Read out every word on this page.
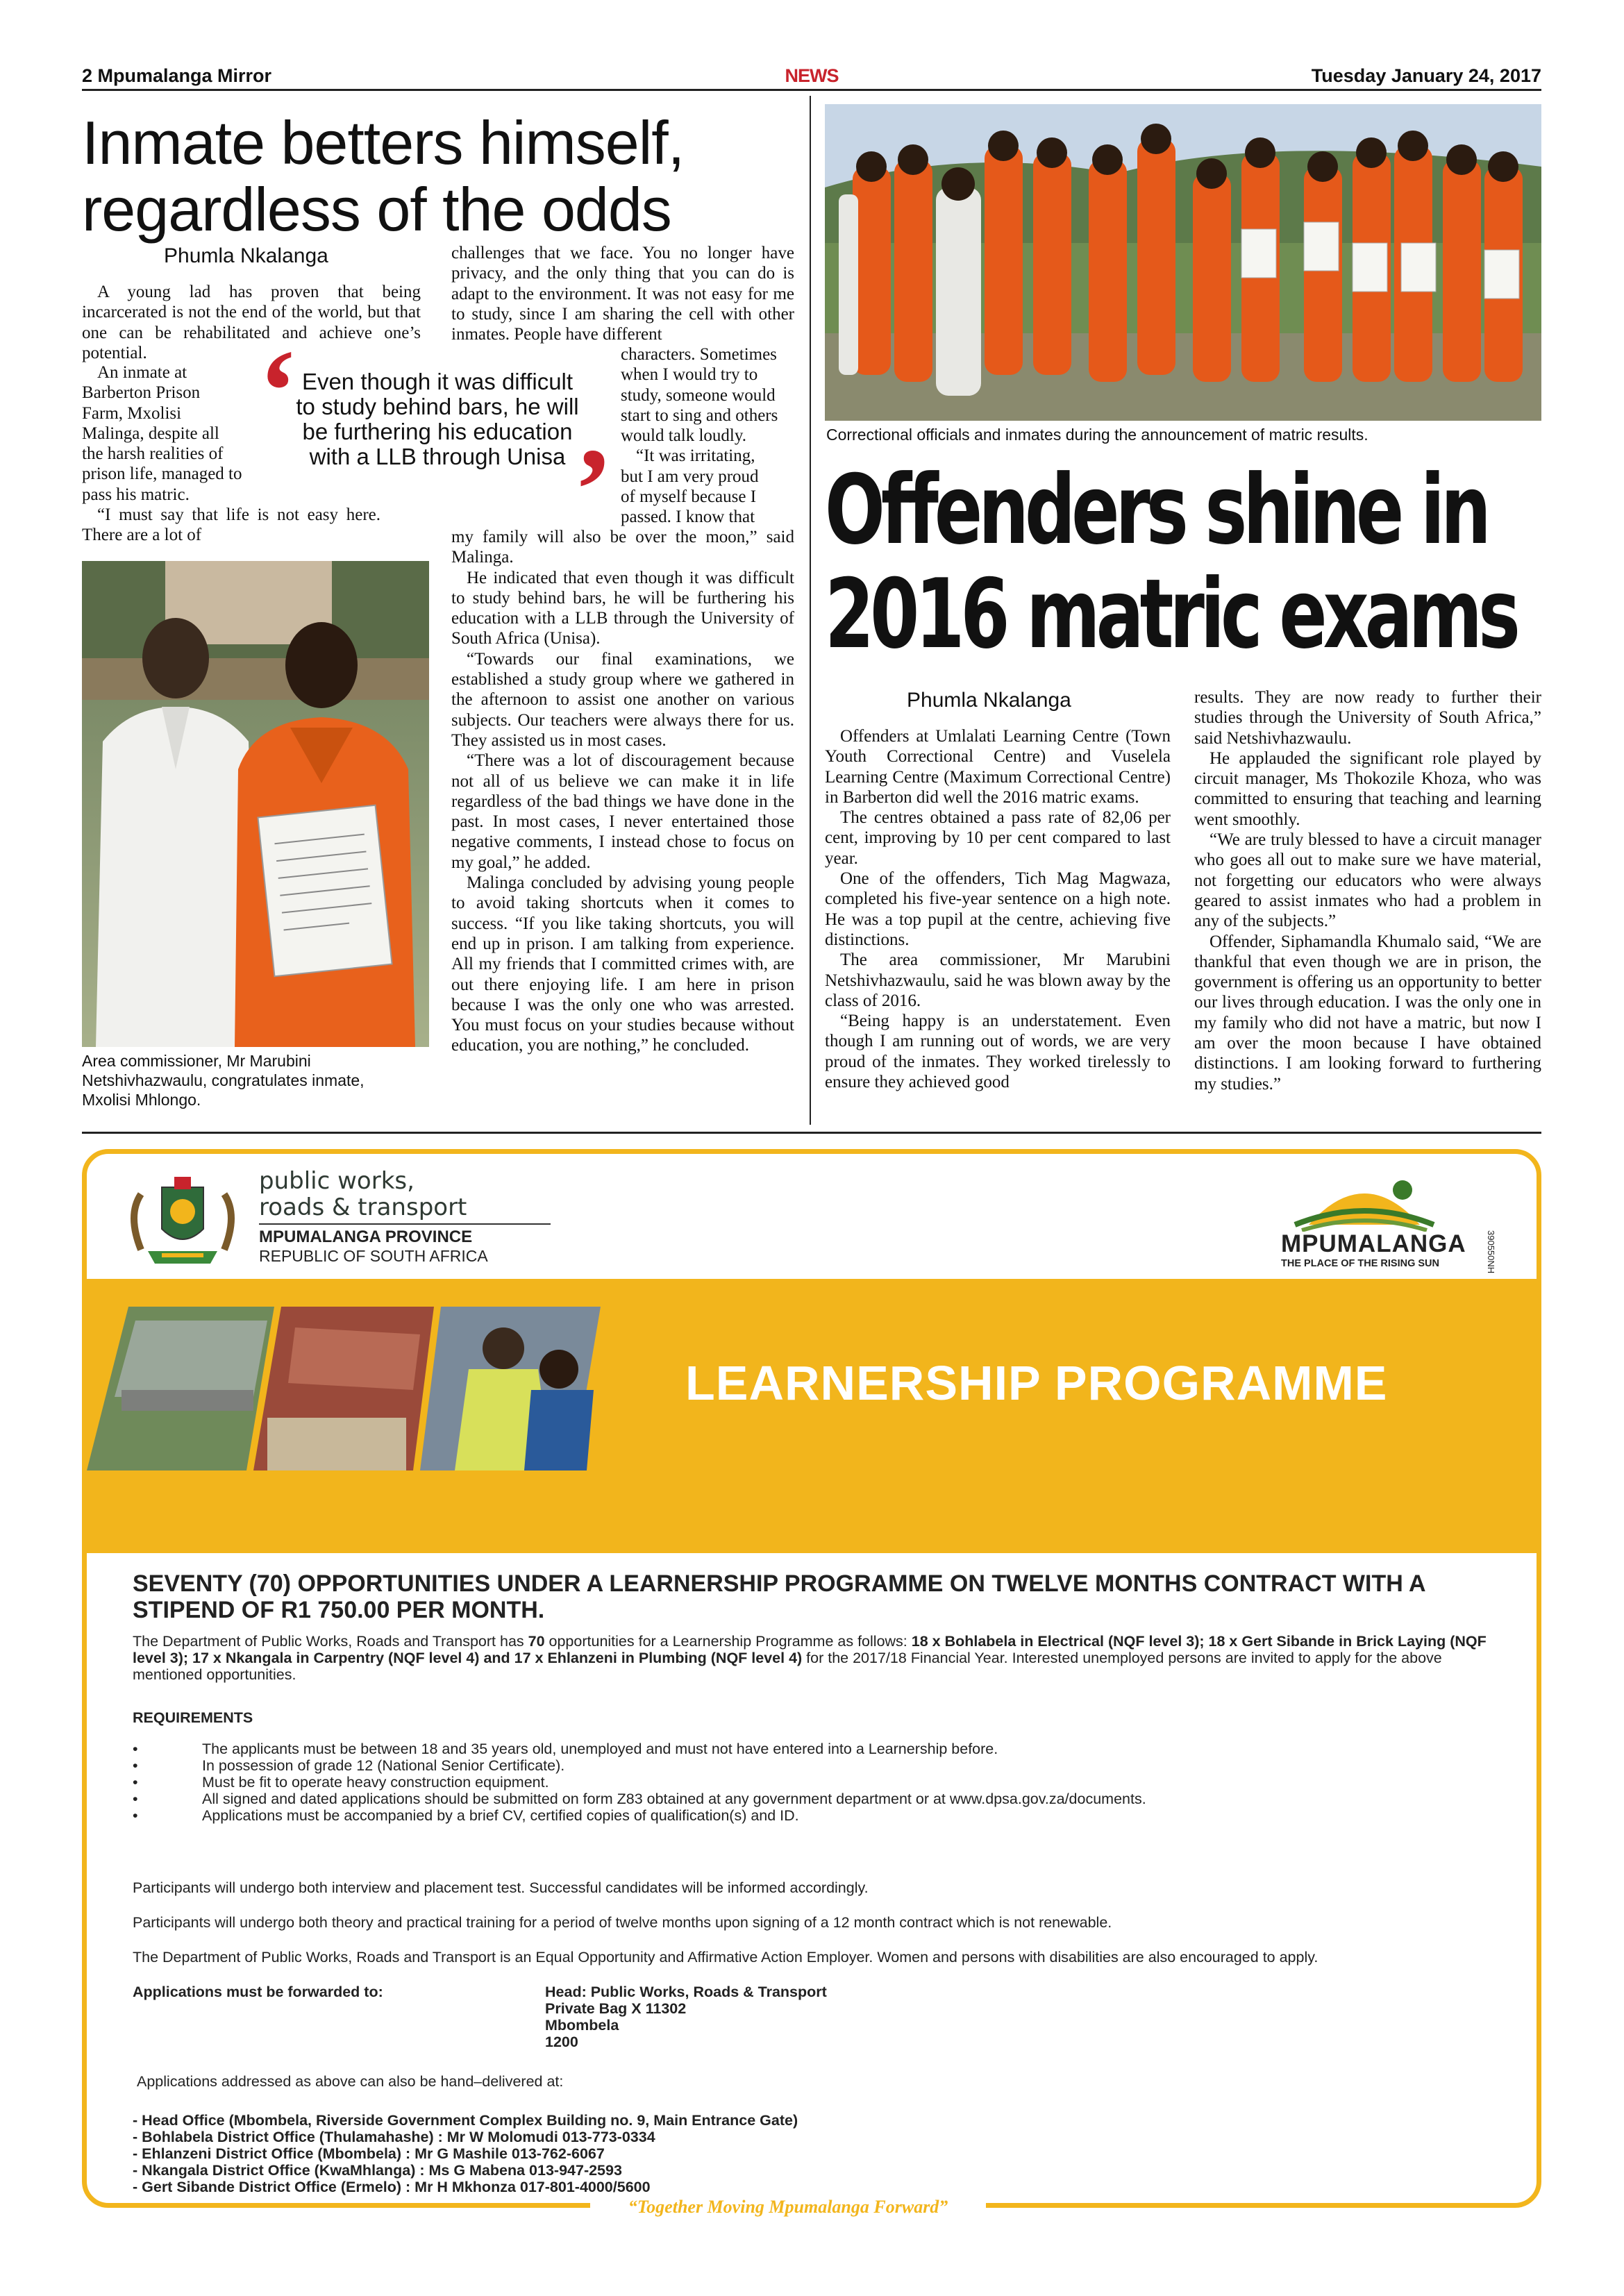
2 Mpumalanga Mirror	NEWS	Tuesday January 24, 2017
Inmate betters himself,
regardless of the odds
Phumla Nkalanga

A young lad has proven that being incarcerated is not the end of the world, but that one can be rehabilitated and achieve one’s potential.

An inmate at
Barberton Prison
Farm, Mxolisi
Malinga, despite all
the harsh realities of
prison life, managed to
pass his matric.

“I must say that life is not easy here. There are a lot of

‘ Even though it was difficult to study behind bars, he will be furthering his education with a LLB through Unisa ’
Area commissioner, Mr Marubini Netshivhazwaulu, congratulates inmate, Mxolisi Mhlongo.

challenges that we face. You no longer have privacy, and the only thing that you can do is adapt to the environment. It was not easy for me to study, since I am sharing the cell with other inmates. People have different

characters. Sometimes
when I would try to
study, someone would
start to sing and others
would talk loudly.
“It was irritating,
but I am very proud
of myself because I
passed. I know that

my family will also be over the moon,” said Malinga.

He indicated that even though it was difficult to study behind bars, he will be furthering his education with a LLB through the University of South Africa (Unisa).

“Towards our final examinations, we established a study group where we gathered in the afternoon to assist one another on various subjects. Our teachers were always there for us. They assisted us in most cases.

“There was a lot of discouragement because not all of us believe we can make it in life regardless of the bad things we have done in the past. In most cases, I never entertained those negative comments, I instead chose to focus on my goal,” he added.

Malinga concluded by advising young people to avoid taking shortcuts when it comes to success. “If you like taking shortcuts, you will end up in prison. I am talking from experience. All my friends that I committed crimes with, are out there enjoying life. I am here in prison because I was the only one who was arrested. You must focus on your studies because without education, you are nothing,” he concluded.

Correctional officials and inmates during the announcement of matric results.
Offenders shine in
2016 matric exams
Phumla Nkalanga

Offenders at Umlalati Learning Centre (Town Youth Correctional Centre) and Vuselela Learning Centre (Maximum Correctional Centre) in Barberton did well the 2016 matric exams.

The centres obtained a pass rate of 82,06 per cent, improving by 10 per cent compared to last year.

One of the offenders, Tich Mag Magwaza, completed his five-year sentence on a high note. He was a top pupil at the centre, achieving five distinctions.

The area commissioner, Mr Marubini Netshivhazwaulu, said he was blown away by the class of 2016.

“Being happy is an understatement. Even though I am running out of words, we are very proud of the inmates. They worked tirelessly to ensure they achieved good

results. They are now ready to further their studies through the University of South Africa,” said Netshivhazwaulu.

He applauded the significant role played by circuit manager, Ms Thokozile Khoza, who was committed to ensuring that teaching and learning went smoothly.

“We are truly blessed to have a circuit manager who goes all out to make sure we have material, not forgetting our educators who were always geared to assist inmates who had a problem in any of the subjects.”

Offender, Siphamandla Khumalo said, “We are thankful that even though we are in prison, the government is offering us an opportunity to better our lives through education. I was the only one in my family who did not have a matric, but now I am over the moon because I have obtained distinctions. I am looking forward to furthering my studies.”

public works,
roads & transport
MPUMALANGA PROVINCE
REPUBLIC OF SOUTH AFRICA	MPUMALANGA
THE PLACE OF THE RISING SUN	390550NH
LEARNERSHIP PROGRAMME
SEVENTY (70) OPPORTUNITIES UNDER A LEARNERSHIP PROGRAMME ON TWELVE MONTHS CONTRACT WITH A STIPEND OF R1 750.00 PER MONTH.
The Department of Public Works, Roads and Transport has 70 opportunities for a Learnership Programme as follows: 18 x Bohlabela in Electrical (NQF level 3); 18 x Gert Sibande in Brick Laying (NQF level 3); 17 x Nkangala in Carpentry (NQF level 4) and 17 x Ehlanzeni in Plumbing (NQF level 4) for the 2017/18 Financial Year. Interested unemployed persons are invited to apply for the above mentioned opportunities.
REQUIREMENTS
•	The applicants must be between 18 and 35 years old, unemployed and must not have entered into a Learnership before.
•	In possession of grade 12 (National Senior Certificate).
•	Must be fit to operate heavy construction equipment.
•	All signed and dated applications should be submitted on form Z83 obtained at any government department or at www.dpsa.gov.za/documents.
•	Applications must be accompanied by a brief CV, certified copies of qualification(s) and ID.
Participants will undergo both interview and placement test. Successful candidates will be informed accordingly.
Participants will undergo both theory and practical training for a period of twelve months upon signing of a 12 month contract which is not renewable.
The Department of Public Works, Roads and Transport is an Equal Opportunity and Affirmative Action Employer. Women and persons with disabilities are also encouraged to apply.
Applications must be forwarded to:	Head: Public Works, Roads & Transport
Private Bag X 11302
Mbombela
1200
Applications addressed as above can also be hand–delivered at:
- Head Office (Mbombela, Riverside Government Complex Building no. 9, Main Entrance Gate)
- Bohlabela District Office (Thulamahashe) : Mr W Molomudi 013-773-0334
- Ehlanzeni District Office (Mbombela) : Mr G Mashile 013-762-6067
- Nkangala District Office (KwaMhlanga) : Ms G Mabena 013-947-2593
- Gert Sibande District Office (Ermelo) : Mr H Mkhonza 017-801-4000/5600
“Together Moving Mpumalanga Forward”
